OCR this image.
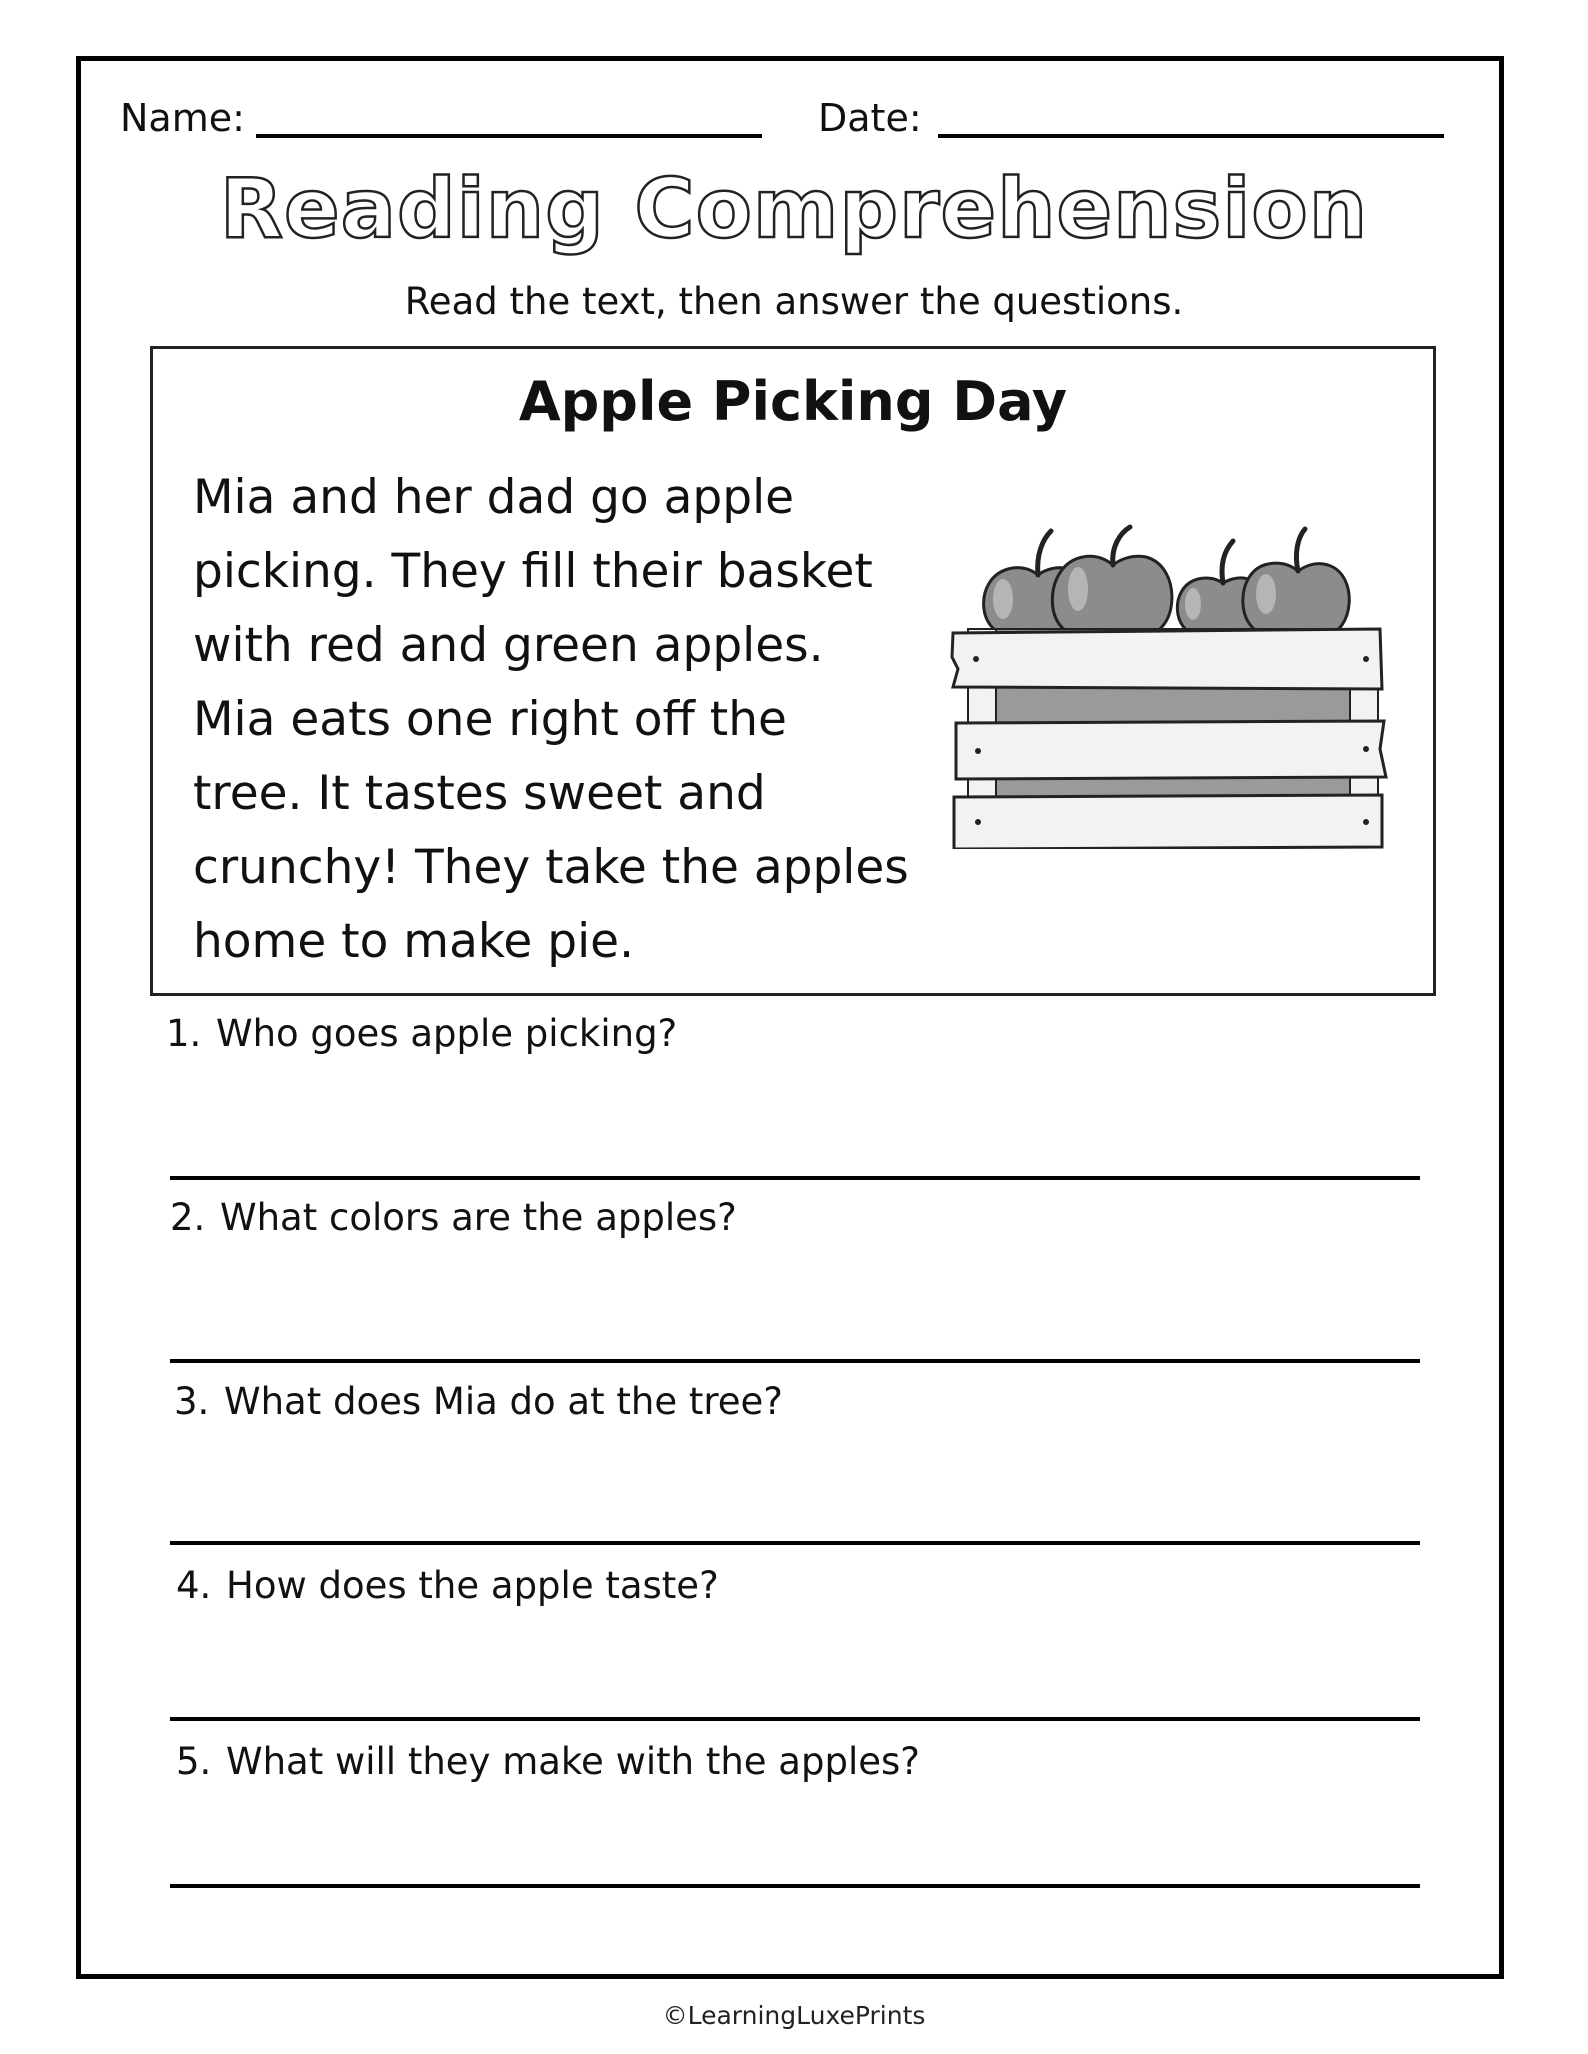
Name:	Date:
Reading Comprehension
Read the text, then answer the questions.
Apple Picking Day
Mia and her dad go apple
picking. They fill their basket
with red and green apples.
Mia eats one right off the
tree. It tastes sweet and
crunchy! They take the apples
home to make pie.
1. Who goes apple picking?
2. What colors are the apples?
3. What does Mia do at the tree?
4. How does the apple taste?
5. What will they make with the apples?
©LearningLuxePrints
